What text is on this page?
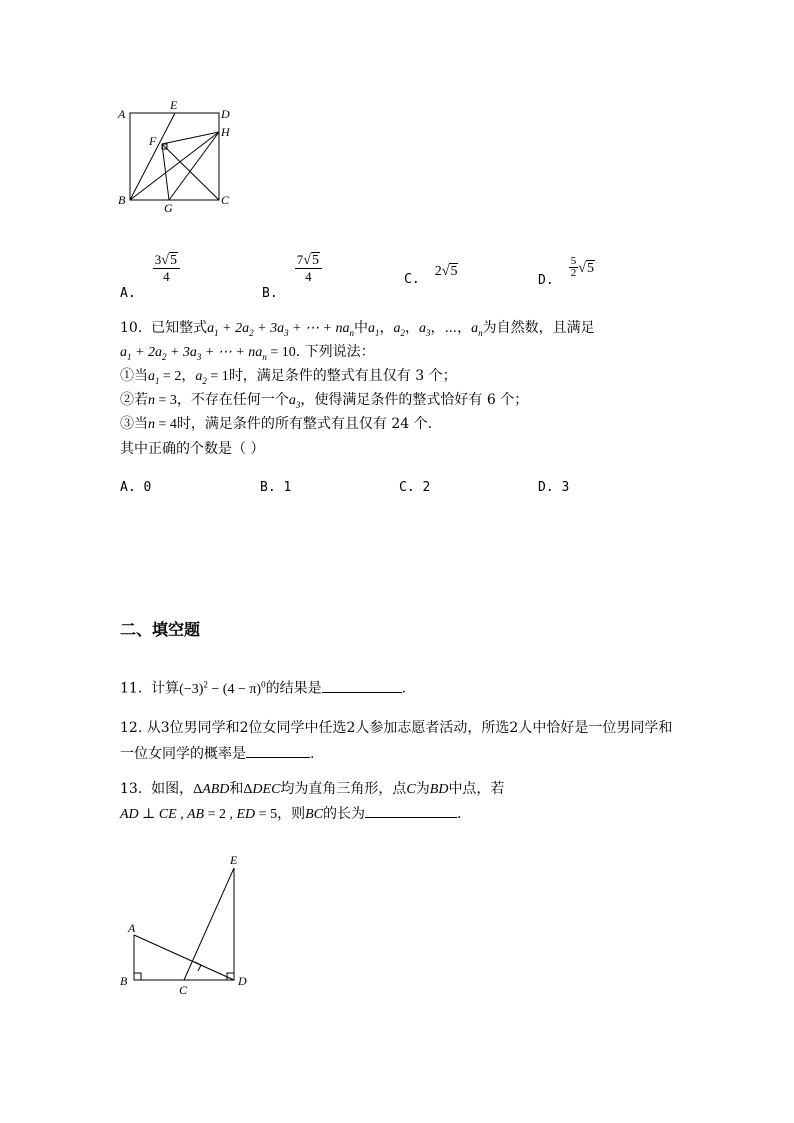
A
E
D
F
H
B
G
C
$_{A.}$
$\frac{3√5}{4}$
$_{B.}$
$\frac{7√5}{4}$	$_{C.}$ 2√5
$_{D.}$
$\frac{5}{2} √5$
10. 已知整式$a_1 + 2a_2 + 3a_3$ + ⋯ + $na_n$中$a_1$，$a_2$，$a_3$，⋯，$a_n$为自然数，且满足
$a_1 + 2a_2 + 3a_3$ + ⋯ + $na_n = 10$. 下列说法：
①当$a_1 = 2$，$a_2 = 1$时，满足条件的整式有且仅有 3 个；
②若n = 3，不存在任何一个$a_3$，使得满足条件的整式恰好有 6 个；
③当n = 4时，满足条件的所有整式有且仅有 24 个.
其中正确的个数是（ ）
A. 0	B. 1	C. 2	D. 3
二、填空题
11. 计算$(-3)^2 - (4 - \pi)^0$的结果是	.
12. 从3位男同学和2位女同学中任选2人参加志愿者活动，所选2人中恰好是一位男同学和
一位女同学的概率是	.
13. 如图，ΔABD和ΔDEC均为直角三角形，点C为BD中点，若
AD ⊥ CE , AB = 2 , ED = 5，则BC的长为	.
E
A
B
C
D
